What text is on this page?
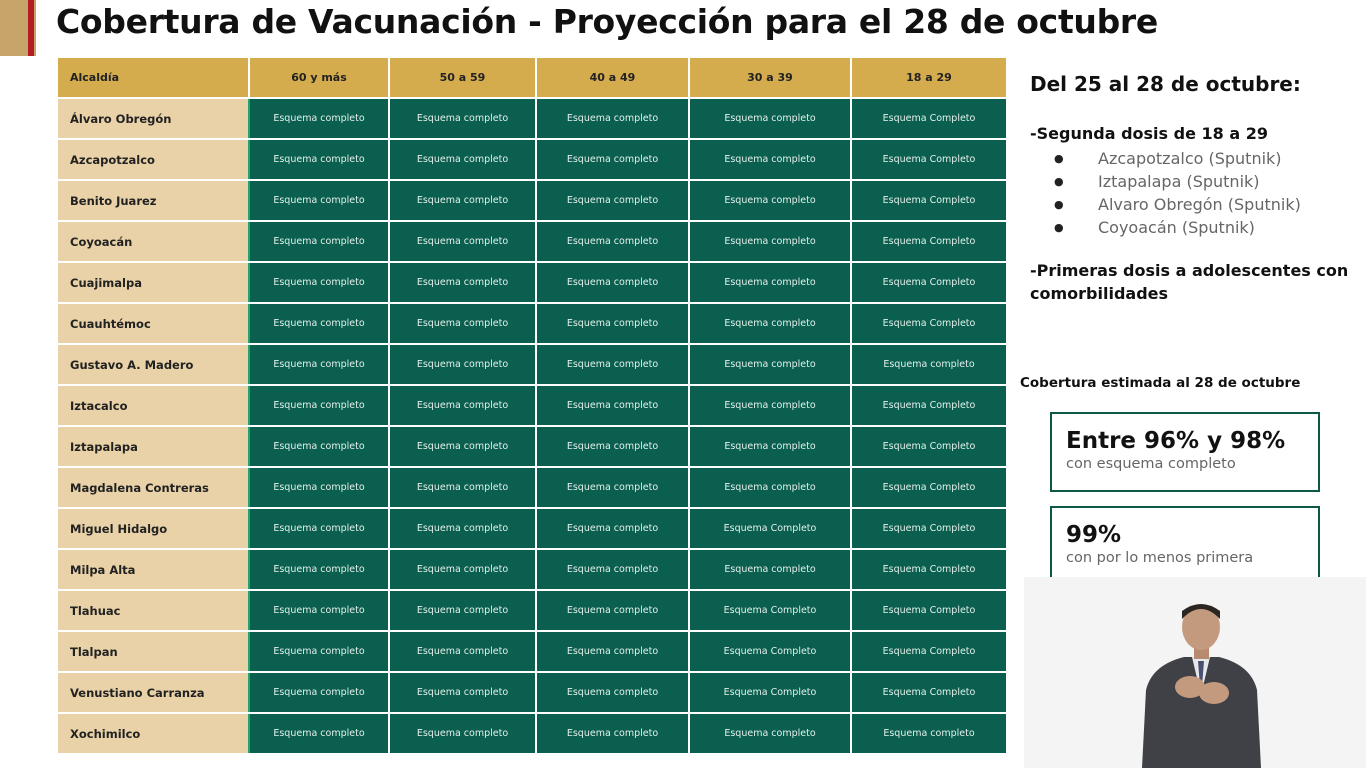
Cobertura de Vacunación - Proyección para el 28 de octubre
Alcaldía	60 y más	50 a 59	40 a 49	30 a 39	18 a 29
Álvaro Obregón	Esquema completo	Esquema completo	Esquema completo	Esquema completo	Esquema Completo
Azcapotzalco	Esquema completo	Esquema completo	Esquema completo	Esquema completo	Esquema Completo
Benito Juarez	Esquema completo	Esquema completo	Esquema completo	Esquema completo	Esquema Completo
Coyoacán	Esquema completo	Esquema completo	Esquema completo	Esquema completo	Esquema Completo
Cuajimalpa	Esquema completo	Esquema completo	Esquema completo	Esquema completo	Esquema Completo
Cuauhtémoc	Esquema completo	Esquema completo	Esquema completo	Esquema completo	Esquema Completo
Gustavo A. Madero	Esquema completo	Esquema completo	Esquema completo	Esquema completo	Esquema completo
Iztacalco	Esquema completo	Esquema completo	Esquema completo	Esquema completo	Esquema Completo
Iztapalapa	Esquema completo	Esquema completo	Esquema completo	Esquema completo	Esquema Completo
Magdalena Contreras	Esquema completo	Esquema completo	Esquema completo	Esquema completo	Esquema Completo
Miguel Hidalgo	Esquema completo	Esquema completo	Esquema completo	Esquema Completo	Esquema Completo
Milpa Alta	Esquema completo	Esquema completo	Esquema completo	Esquema completo	Esquema Completo
Tlahuac	Esquema completo	Esquema completo	Esquema completo	Esquema Completo	Esquema Completo
Tlalpan	Esquema completo	Esquema completo	Esquema completo	Esquema Completo	Esquema Completo
Venustiano Carranza	Esquema completo	Esquema completo	Esquema completo	Esquema Completo	Esquema Completo
Xochimilco	Esquema completo	Esquema completo	Esquema completo	Esquema completo	Esquema completo
Del 25 al 28 de octubre:
-Segunda dosis de 18 a 29
● Azcapotzalco (Sputnik)
● Iztapalapa (Sputnik)
● Alvaro Obregón (Sputnik)
● Coyoacán (Sputnik)
-Primeras dosis a adolescentes con comorbilidades
Cobertura estimada al 28 de octubre
Entre 96% y 98%
con esquema completo
99%
con por lo menos primera
